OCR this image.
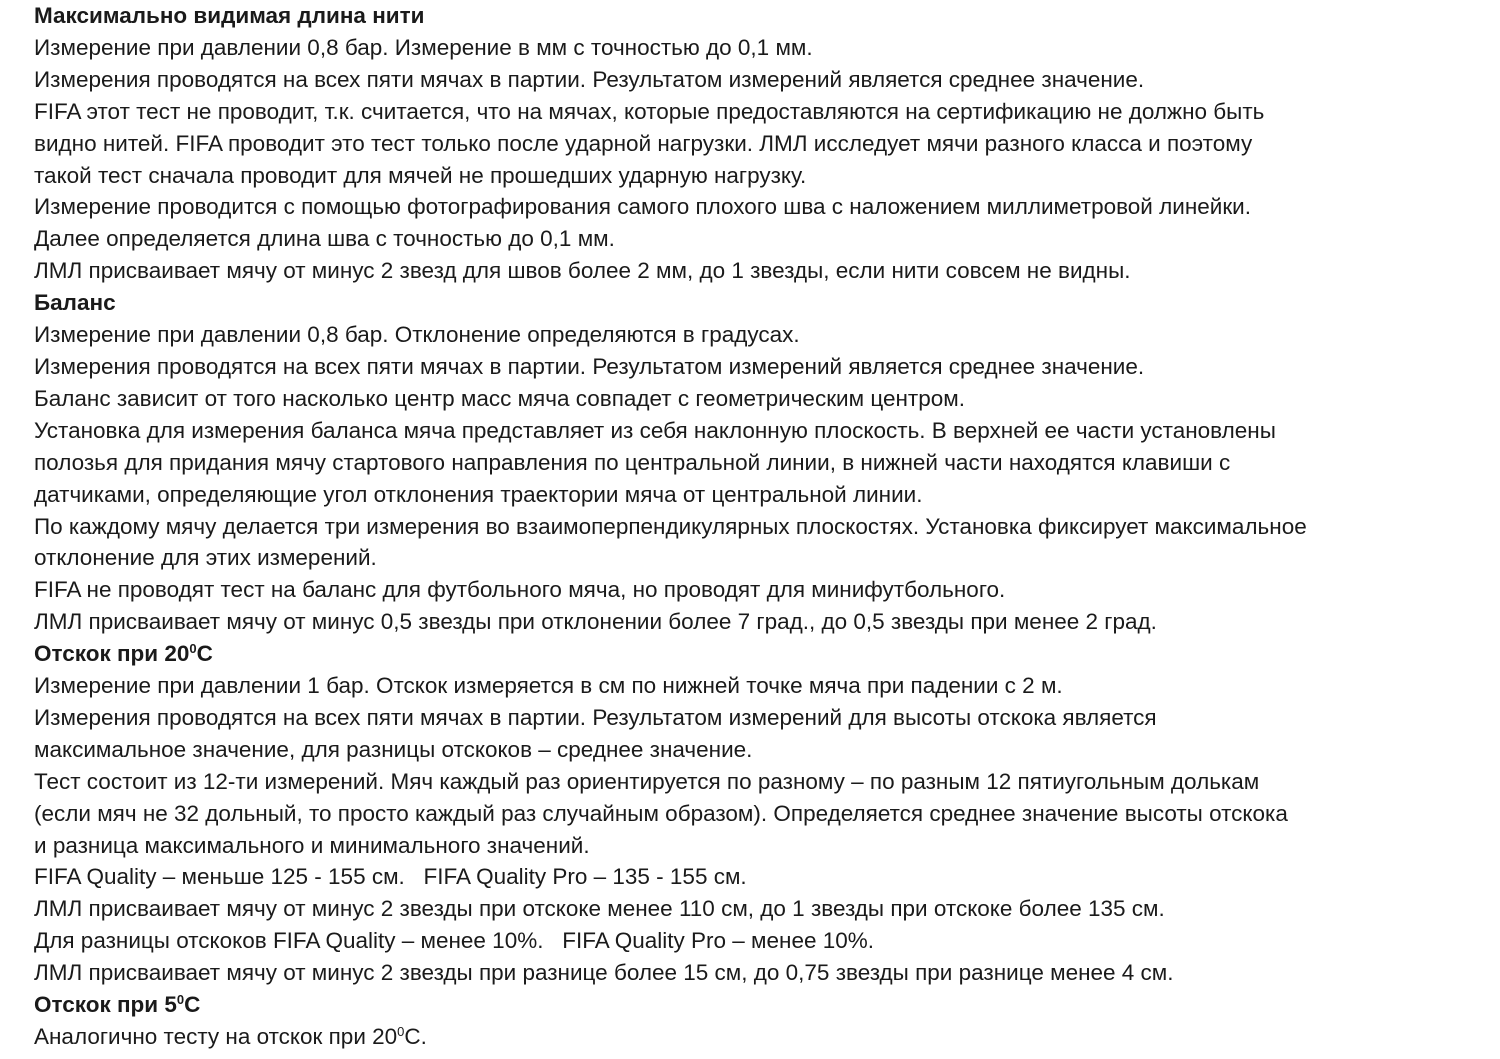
Максимально видимая длина нити
Измерение при давлении 0,8 бар. Измерение в мм с точностью до 0,1 мм.
Измерения проводятся на всех пяти мячах в партии. Результатом измерений является среднее значение.
FIFA этот тест не проводит, т.к. считается, что на мячах, которые предоставляются на сертификацию не должно быть
видно нитей. FIFA проводит это тест только после ударной нагрузки. ЛМЛ исследует мячи разного класса и поэтому
такой тест сначала проводит для мячей не прошедших ударную нагрузку.
Измерение проводится с помощью фотографирования самого плохого шва с наложением миллиметровой линейки.
Далее определяется длина шва с точностью до 0,1 мм.
ЛМЛ присваивает мячу от минус 2 звезд для швов более 2 мм, до 1 звезды, если нити совсем не видны.
Баланс
Измерение при давлении 0,8 бар. Отклонение определяются в градусах.
Измерения проводятся на всех пяти мячах в партии. Результатом измерений является среднее значение.
Баланс зависит от того насколько центр масс мяча совпадет с геометрическим центром.
Установка для измерения баланса мяча представляет из себя наклонную плоскость. В верхней ее части установлены
полозья для придания мячу стартового направления по центральной линии, в нижней части находятся клавиши с
датчиками, определяющие угол отклонения траектории мяча от центральной линии.
По каждому мячу делается три измерения во взаимоперпендикулярных плоскостях. Установка фиксирует максимальное
отклонение для этих измерений.
FIFA не проводят тест на баланс для футбольного мяча, но проводят для минифутбольного.
ЛМЛ присваивает мячу от минус 0,5 звезды при отклонении более 7 град., до 0,5 звезды при менее 2 град.
Отскок при $20^0С$
Измерение при давлении 1 бар. Отскок измеряется в см по нижней точке мяча при падении с 2 м.
Измерения проводятся на всех пяти мячах в партии. Результатом измерений для высоты отскока является
максимальное значение, для разницы отскоков – среднее значение.
Тест состоит из 12-ти измерений. Мяч каждый раз ориентируется по разному – по разным 12 пятиугольным долькам
(если мяч не 32 дольный, то просто каждый раз случайным образом). Определяется среднее значение высоты отскока
и разница максимального и минимального значений.
FIFA Quality – меньше 125 - 155 см.   FIFA Quality Pro – 135 - 155 см.
ЛМЛ присваивает мячу от минус 2 звезды при отскоке менее 110 см, до 1 звезды при отскоке более 135 см.
Для разницы отскоков FIFA Quality – менее 10%.   FIFA Quality Pro – менее 10%.
ЛМЛ присваивает мячу от минус 2 звезды при разнице более 15 см, до 0,75 звезды при разнице менее 4 см.
Отскок при $5^0С$
Аналогично тесту на отскок при $20^0С$.
